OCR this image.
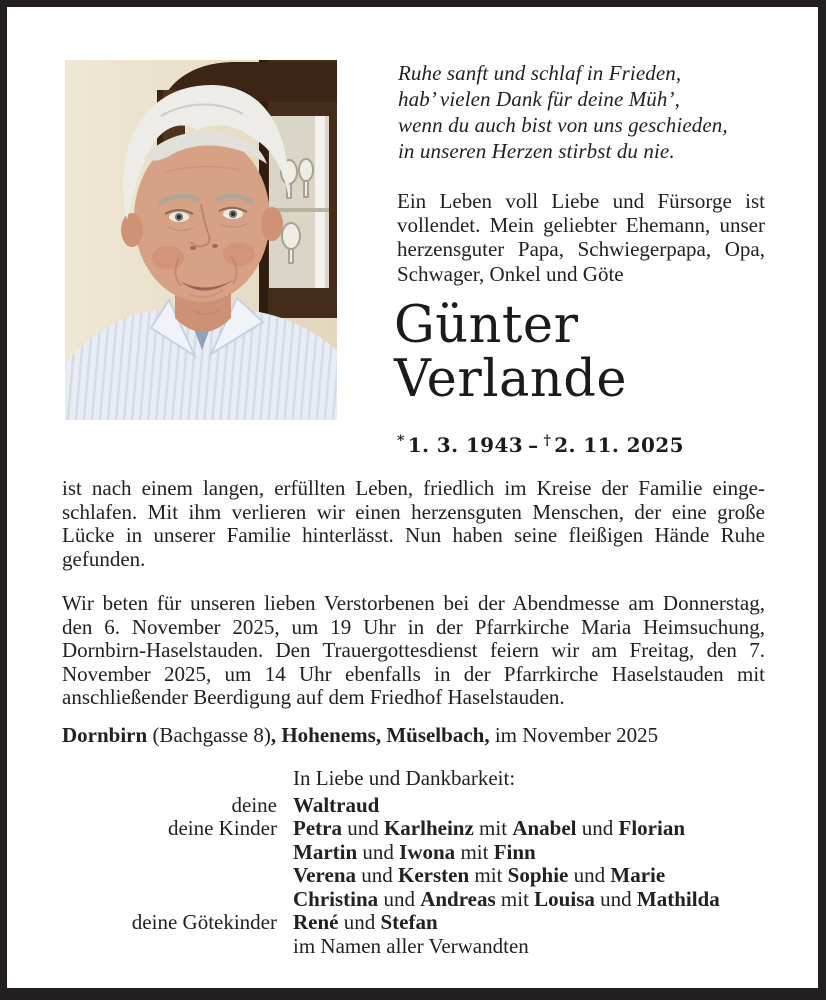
Ruhe sanft und schlaf in Frieden,
hab’ vielen Dank für deine Müh’,
wenn du auch bist von uns geschieden,
in unseren Herzen stirbst du nie.

Ein Leben voll Liebe und Fürsorge ist vollendet. Mein geliebter Ehemann, unser herzensguter Papa, Schwiegerpapa, Opa, Schwager, Onkel und Göte

Günter
Verlande

* 1. 3. 1943 – † 2. 11. 2025

ist nach einem langen, erfüllten Leben, friedlich im Kreise der Familie eingeschlafen. Mit ihm verlieren wir einen herzensguten Menschen, der eine große Lücke in unserer Familie hinterlässt. Nun haben seine fleißigen Hände Ruhe gefunden.

Wir beten für unseren lieben Verstorbenen bei der Abendmesse am Donnerstag, den 6. November 2025, um 19 Uhr in der Pfarrkirche Maria Heimsuchung, Dornbirn-Haselstauden. Den Trauergottesdienst feiern wir am Freitag, den 7. November 2025, um 14 Uhr ebenfalls in der Pfarrkirche Haselstauden mit anschließender Beerdigung auf dem Friedhof Haselstauden.

Dornbirn (Bachgasse 8), Hohenems, Müselbach, im November 2025

In Liebe und Dankbarkeit:
deine Waltraud
deine Kinder Petra und Karlheinz mit Anabel und Florian
Martin und Iwona mit Finn
Verena und Kersten mit Sophie und Marie
Christina und Andreas mit Louisa und Mathilda
deine Götekinder René und Stefan
im Namen aller Verwandten
